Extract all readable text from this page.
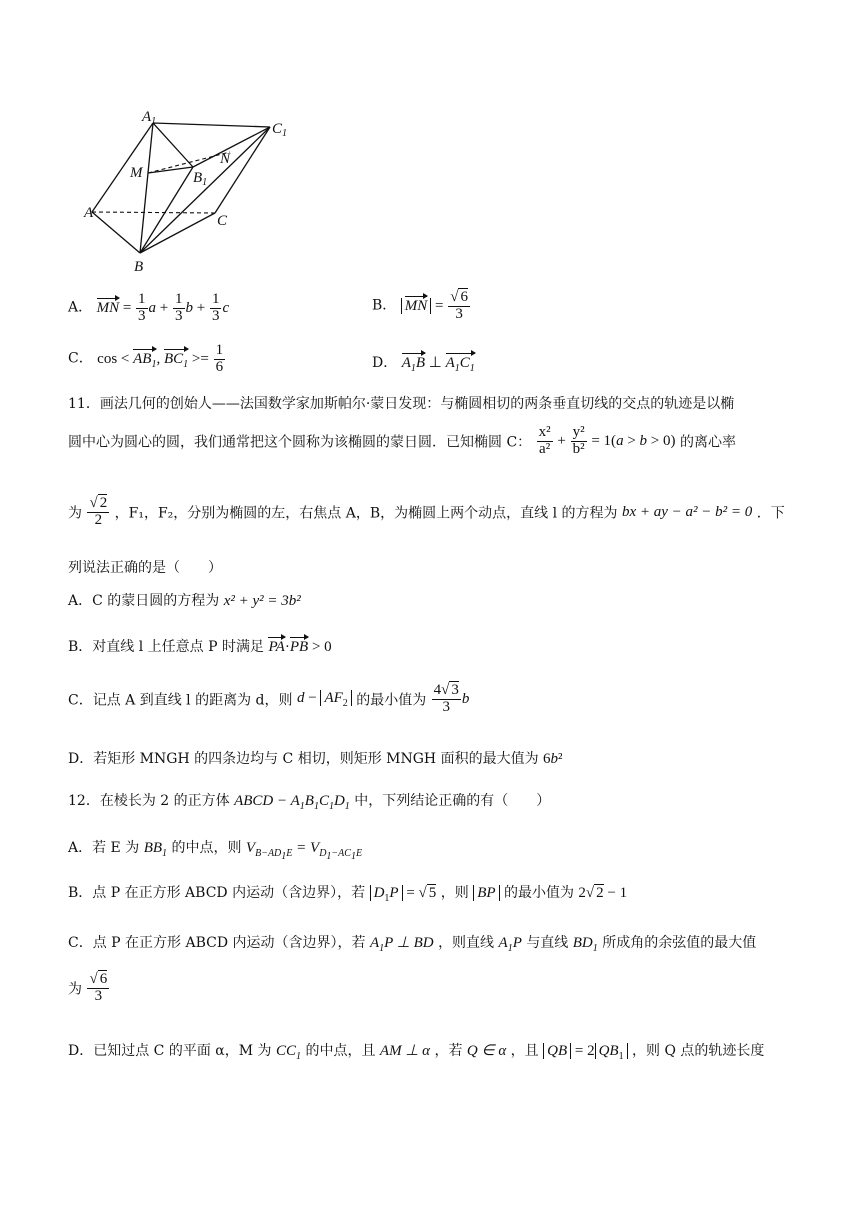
$A_1$	$C_1$
M
N
$B_1$
A	C
B
A． MN = $\frac{1}{3}$ $a + \frac{1}{3}$ $b + \frac{1}{3}$ c	B． MN = $\frac{√ 6}{3}$
C． $\cos < AB_1$, $BC_1 >= \frac{1}{6}$	D． $A_1B$ ⊥ $A_1C_1$
11．画法几何的创始人——法国数学家加斯帕尔·蒙日发现：与椭圆相切的两条垂直切线的交点的轨迹是以椭
圆中心为圆心的圆，我们通常把这个圆称为该椭圆的蒙日圆．已知椭圆 C： $\frac{\text{x²}}{\text{a²}} + \frac{\text{y²}}{\text{b²}} = 1(a > b > 0)$ 的离心率
为 $\frac{√ 2}{2}$ ，F₁，F₂，分别为椭圆的左，右焦点 A，B，为椭圆上两个动点，直线 l 的方程为 bx + ay − a² − b² = 0 ．下
列说法正确的是（　　）
A．C 的蒙日圆的方程为 x² + y² = 3b²
B．对直线 l 上任意点 P 时满足 PA·PB > 0
C．记点 A 到直线 l 的距离为 d，则 $d - AF_2$ 的最小值为 $\frac{4√ 3}{3}$ b
D．若矩形 MNGH 的四条边均与 C 相切，则矩形 MNGH 面积的最大值为 6b²
12．在棱长为 2 的正方体 ABCD − $A_1B_1C_1D_1$ 中，下列结论正确的有（　　）
A．若 E 为 $BB_1$ 的中点，则 $V_{B-AD_1E} = V_{D_1-AC_1E}$
B．点 P 在正方形 ABCD 内运动（含边界），若 $D_1P$ = √ 5 ，则 BP 的最小值为 2√ 2 − 1
C．点 P 在正方形 ABCD 内运动（含边界），若 $A_1P$ ⊥ BD ，则直线 $A_1P$ 与直线 $BD_1$ 所成角的余弦值的最大值
为 $\frac{√ 6}{3}$
D．已知过点 C 的平面 α，M 为 $CC_1$ 的中点，且 AM ⊥ α ，若 Q ∈ α ，且 QB = 2 $QB_1$ ，则 Q 点的轨迹长度
